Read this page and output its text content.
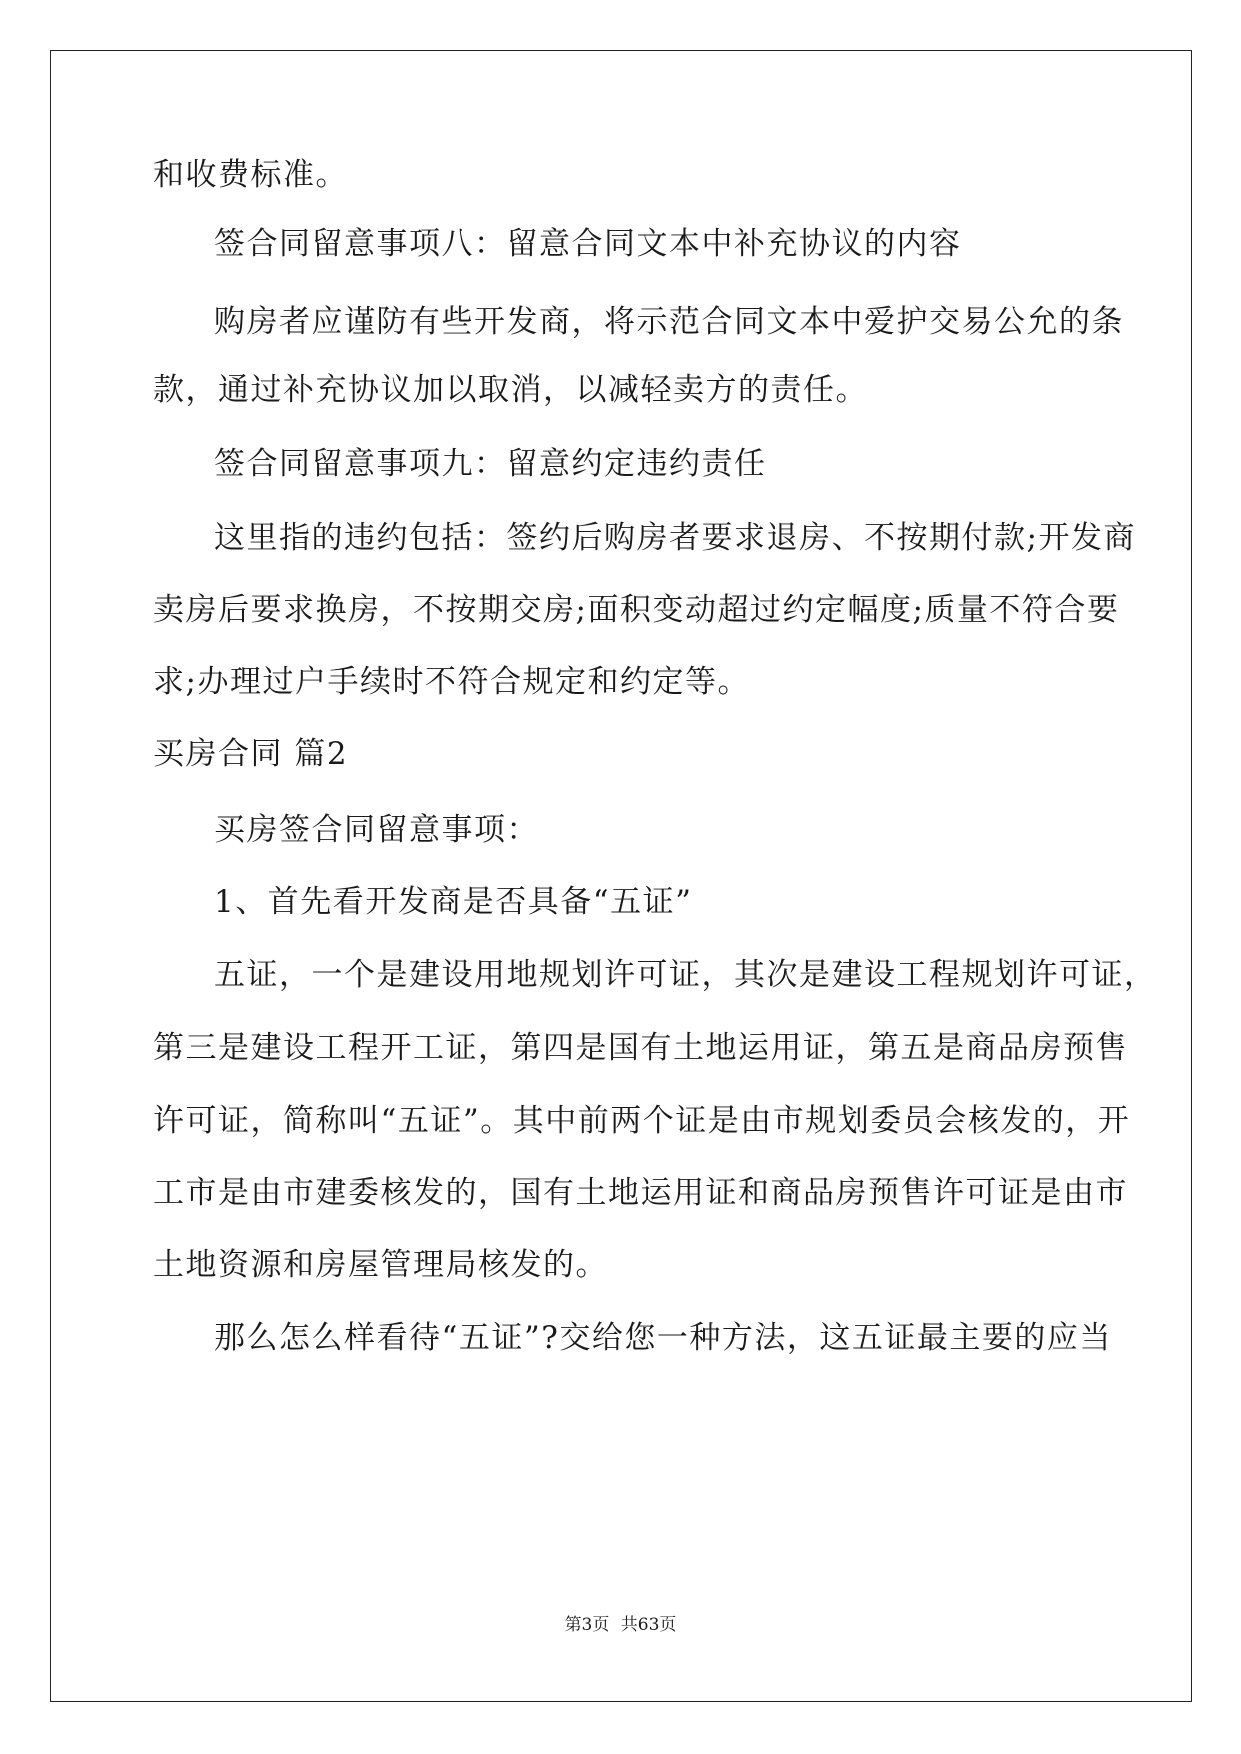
和收费标准。
签合同留意事项八：留意合同文本中补充协议的内容
购房者应谨防有些开发商，将示范合同文本中爱护交易公允的条
款，通过补充协议加以取消，以减轻卖方的责任。
签合同留意事项九：留意约定违约责任
这里指的违约包括：签约后购房者要求退房、不按期付款;开发商
卖房后要求换房，不按期交房;面积变动超过约定幅度;质量不符合要
求;办理过户手续时不符合规定和约定等。
买房合同 篇2
买房签合同留意事项：
1、首先看开发商是否具备“五证”
五证，一个是建设用地规划许可证，其次是建设工程规划许可证，
第三是建设工程开工证，第四是国有土地运用证，第五是商品房预售
许可证，简称叫“五证”。其中前两个证是由市规划委员会核发的，开
工市是由市建委核发的，国有土地运用证和商品房预售许可证是由市
土地资源和房屋管理局核发的。
那么怎么样看待“五证”?交给您一种方法，这五证最主要的应当
第3页 共63页
